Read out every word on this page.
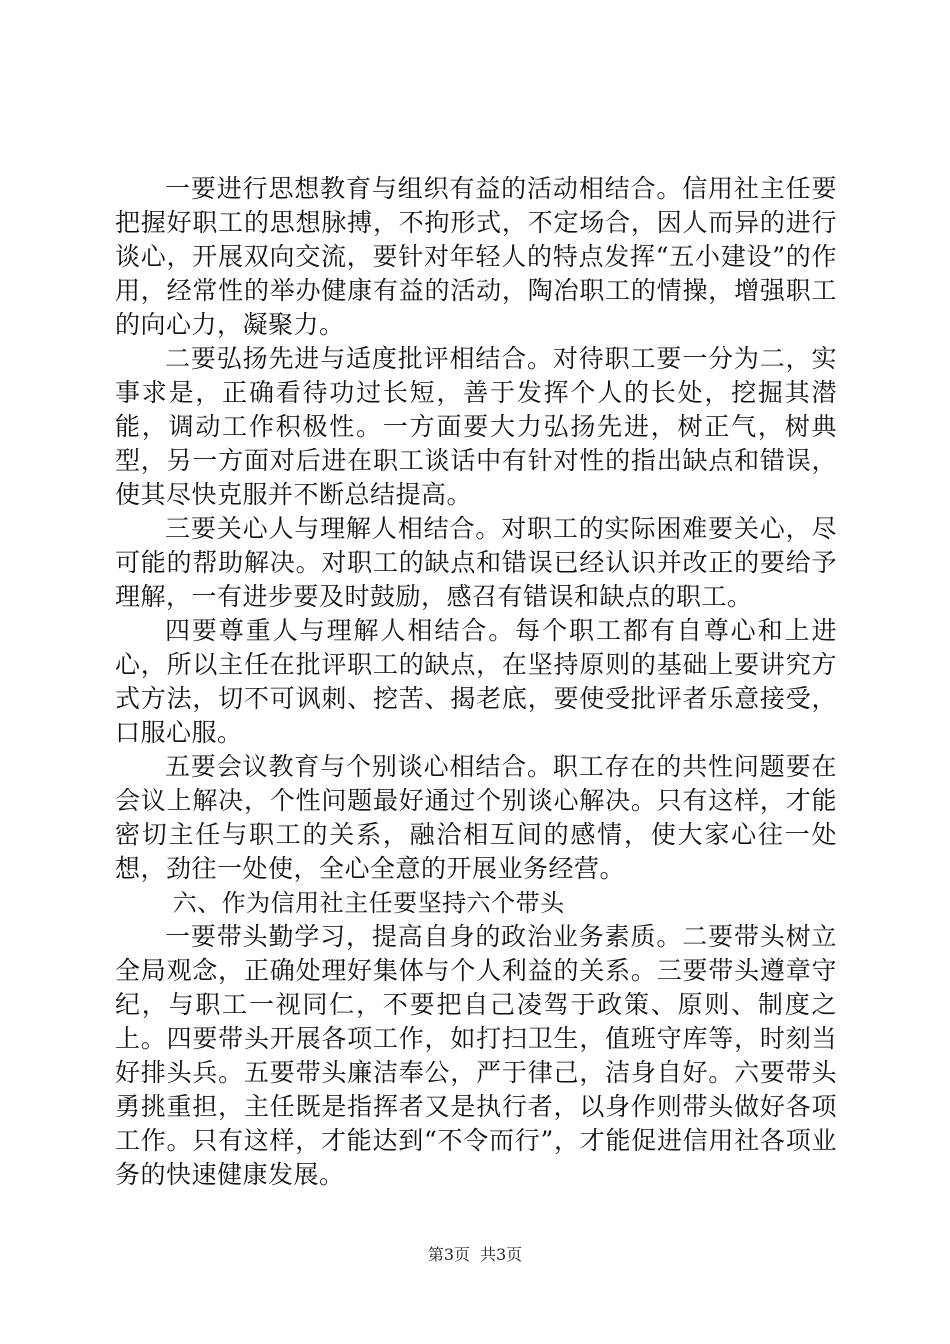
一要进行思想教育与组织有益的活动相结合。信用社主任要把握好职工的思想脉搏，不拘形式，不定场合，因人而异的进行谈心，开展双向交流，要针对年轻人的特点发挥“五小建设”的作用，经常性的举办健康有益的活动，陶冶职工的情操，增强职工的向心力，凝聚力。

二要弘扬先进与适度批评相结合。对待职工要一分为二，实事求是，正确看待功过长短，善于发挥个人的长处，挖掘其潜能，调动工作积极性。一方面要大力弘扬先进，树正气，树典型，另一方面对后进在职工谈话中有针对性的指出缺点和错误，使其尽快克服并不断总结提高。

三要关心人与理解人相结合。对职工的实际困难要关心，尽可能的帮助解决。对职工的缺点和错误已经认识并改正的要给予理解，一有进步要及时鼓励，感召有错误和缺点的职工。

四要尊重人与理解人相结合。每个职工都有自尊心和上进心，所以主任在批评职工的缺点，在坚持原则的基础上要讲究方式方法，切不可讽刺、挖苦、揭老底，要使受批评者乐意接受，口服心服。

五要会议教育与个别谈心相结合。职工存在的共性问题要在会议上解决，个性问题最好通过个别谈心解决。只有这样，才能密切主任与职工的关系，融洽相互间的感情，使大家心往一处想，劲往一处使，全心全意的开展业务经营。

六、作为信用社主任要坚持六个带头

一要带头勤学习，提高自身的政治业务素质。二要带头树立全局观念，正确处理好集体与个人利益的关系。三要带头遵章守纪，与职工一视同仁，不要把自己凌驾于政策、原则、制度之上。四要带头开展各项工作，如打扫卫生，值班守库等，时刻当好排头兵。五要带头廉洁奉公，严于律己，洁身自好。六要带头勇挑重担，主任既是指挥者又是执行者，以身作则带头做好各项工作。只有这样，才能达到“不令而行”，才能促进信用社各项业务的快速健康发展。

第3页 共3页
